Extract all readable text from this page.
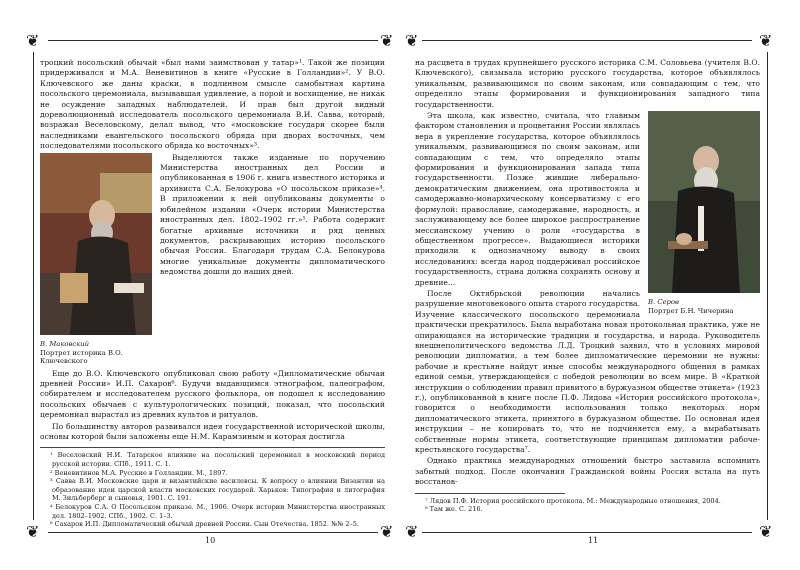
❦	❦ ❦	❦
❦	❦ ❦	❦

троцкий посольский обычай «был нами заимствован у татар»¹. Такой же позиции придерживался и М.А. Веневитинов в книге «Русские в Голландии»². У В.О. Ключевского же даны краски, в подлинном смысле самобытная картина посольского церемониала, вызывавшая удивление, а порой и восхищение, не никак не осуждение западных наблюдателей. И прав был другой видный дореволюционный исследователь посольского церемониала В.И. Савва, который, возражая Веселовскому, делал вывод, что «московские государи скорее были наследниками евангельского посольского обряда при дворах восточных, чем последователями посольского обряда ко восточных»³.

В. Маковский
Портрет историка В.О. Ключевского

Выделяются также изданные по поручению Министерства иностранных дел России и опубликованная в 1906 г. книга известного историка и архивиста С.А. Белокурова «О посольском приказе»⁴. В приложении к ней опубликованы документы о юбилейном издании «Очерк истории Министерства иностранных дел. 1802–1902 гг.»⁵. Работа содержит богатые архивные источники и ряд ценных документов, раскрывающих историю посольского обычая России. Благодаря трудам С.А. Белокурова многие уникальные документы дипломатического ведомства дошли до наших дней.

Еще до В.О. Ключевского опубликовал свою работу «Дипломатические обычаи древней России» И.П. Сахаров⁶. Будучи выдающимся этнографом, палеографом, собирателем и исследователем русского фольклора, он подошел к исследованию посольских обычаев с культурологических позиций, показал, что посольский церемониал вырастал из древних культов и ритуалов.

По большинству авторов развивался идея государственной исторической школы, основы которой были заложены еще Н.М. Карамзиным и которая достигла

¹ Веселовский Н.И. Татарское влияние на посольский церемониал в московский период русской истории. СПб., 1911. С. 1.
² Веневитинов М.А. Русские в Голландии. М., 1897.
³ Савва В.И. Московские цари и византийские василевсы. К вопросу о влиянии Византии на образование идеи царской власти московских государей. Харьков: Типография и литография М. Зильберберг и сыновья, 1901. С. 191.
⁴ Белокуров С.А. О Посольском приказе. М., 1906. Очерк истории Министерства иностранных дел. 1802–1902. СПб., 1902. С. 1–3.
⁶ Сахаров И.П. Дипломатический обычай древней России. Сын Отечества. 1852. №№ 2–5.
10

на расцвета в трудах крупнейшего русского историка С.М. Соловьева (учителя В.О. Ключевского), связывала историю русского государства, которое объявлялось уникальным, развивающимся по своим законам, или совпадающим с тем, что определяло этапы формирования и функционирования западного типа государственности.

В. Серов
Портрет Б.Н. Чичерина

Эта школа, как известно, считала, что главным фактором становления и процветания России являлась вера в укрепление государства, которое объявлялось уникальным, развивающимся по своим законам, или совпадающим с тем, что определяло этапы формирования и функционирования запада типа государственности. Позже жившие либерально-демократическим движением, она противостояла и самодержавно-монархическому консерватизму с его формулой: православие, самодержавие, народность, и заслуживающему все более широкое распространение мессианскому учению о роли «государства в общественном прогрессе». Выдающиеся историки приходили к однозначному выводу в своих исследованиях: всегда народ поддерживал российское государственность, страна должна сохранять основу и древние...

После Октябрьской революции начались разрушение многовекового опыта старого государства. Изучение классического посольского церемониала практически прекратилось. Была выработана новая протокольная практика, уже не опирающаяся на исторические традиции и государства, и народа. Руководитель внешнеполитического ведомства Л.Д. Троцкий заявил, что в условиях мировой революции дипломатия, а тем более дипломатические церемонии не нужны: рабочие и крестьяне найдут иные способы международного общения в рамках единой семьи, утверждающейся с победой революции во всем мире. В «Краткой инструкции о соблюдении правил привитого в буржуазном обществе этикета» (1923 г.), опубликованной в книге после П.Ф. Лядова «История российского протокола», говорится о необходимости использования только некоторых норм дипломатического этикета, принятого в буржуазном обществе. По основная идея инструкции – не копировать то, что не подчиняется ему, а вырабатывать собственные нормы этикета, соответствующие принципам дипломатии рабоче-крестьянского государства⁷.

Однако практика международных отношений быстро заставила вспомнить забытый подход. После окончания Гражданской войны Россия встала на путь восстанов-

⁷ Лядов П.Ф. История российского протокола. М.: Международные отношения, 2004.
⁸ Там же. С. 216.
11
